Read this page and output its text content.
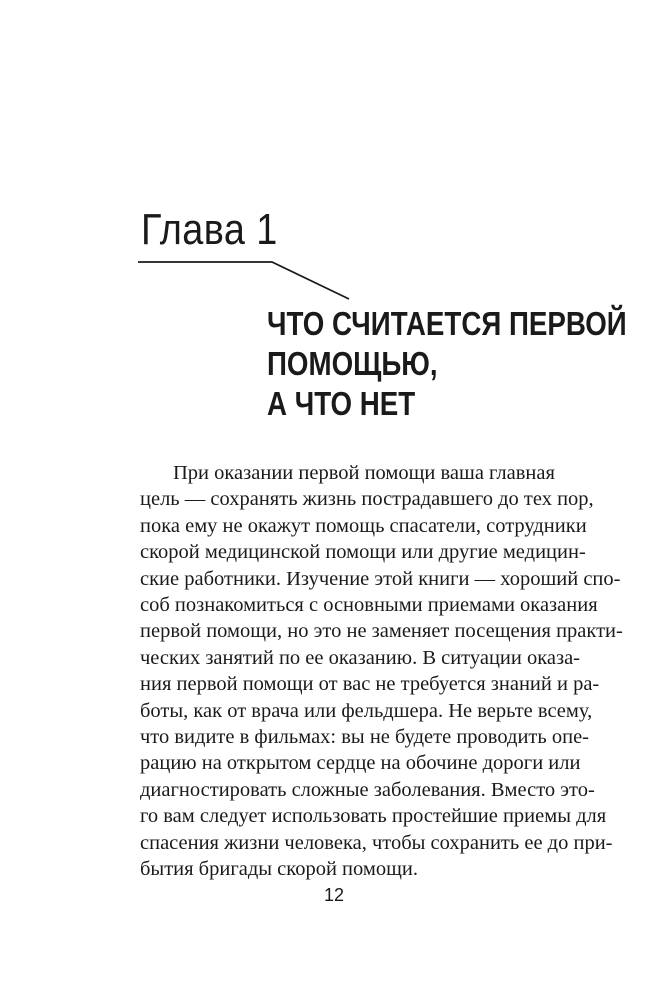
Глава 1
ЧТО СЧИТАЕТСЯ ПЕРВОЙ
ПОМОЩЬЮ,
А ЧТО НЕТ
При оказании первой помощи ваша главная
цель — сохранять жизнь пострадавшего до тех пор,
пока ему не окажут помощь спасатели, сотрудники
скорой медицинской помощи или другие медицин-
ские работники. Изучение этой книги — хороший спо-
соб познакомиться с основными приемами оказания
первой помощи, но это не заменяет посещения практи-
ческих занятий по ее оказанию. В ситуации оказа-
ния первой помощи от вас не требуется знаний и ра-
боты, как от врача или фельдшера. Не верьте всему,
что видите в фильмах: вы не будете проводить опе-
рацию на открытом сердце на обочине дороги или
диагностировать сложные заболевания. Вместо это-
го вам следует использовать простейшие приемы для
спасения жизни человека, чтобы сохранить ее до при-
бытия бригады скорой помощи.
12
